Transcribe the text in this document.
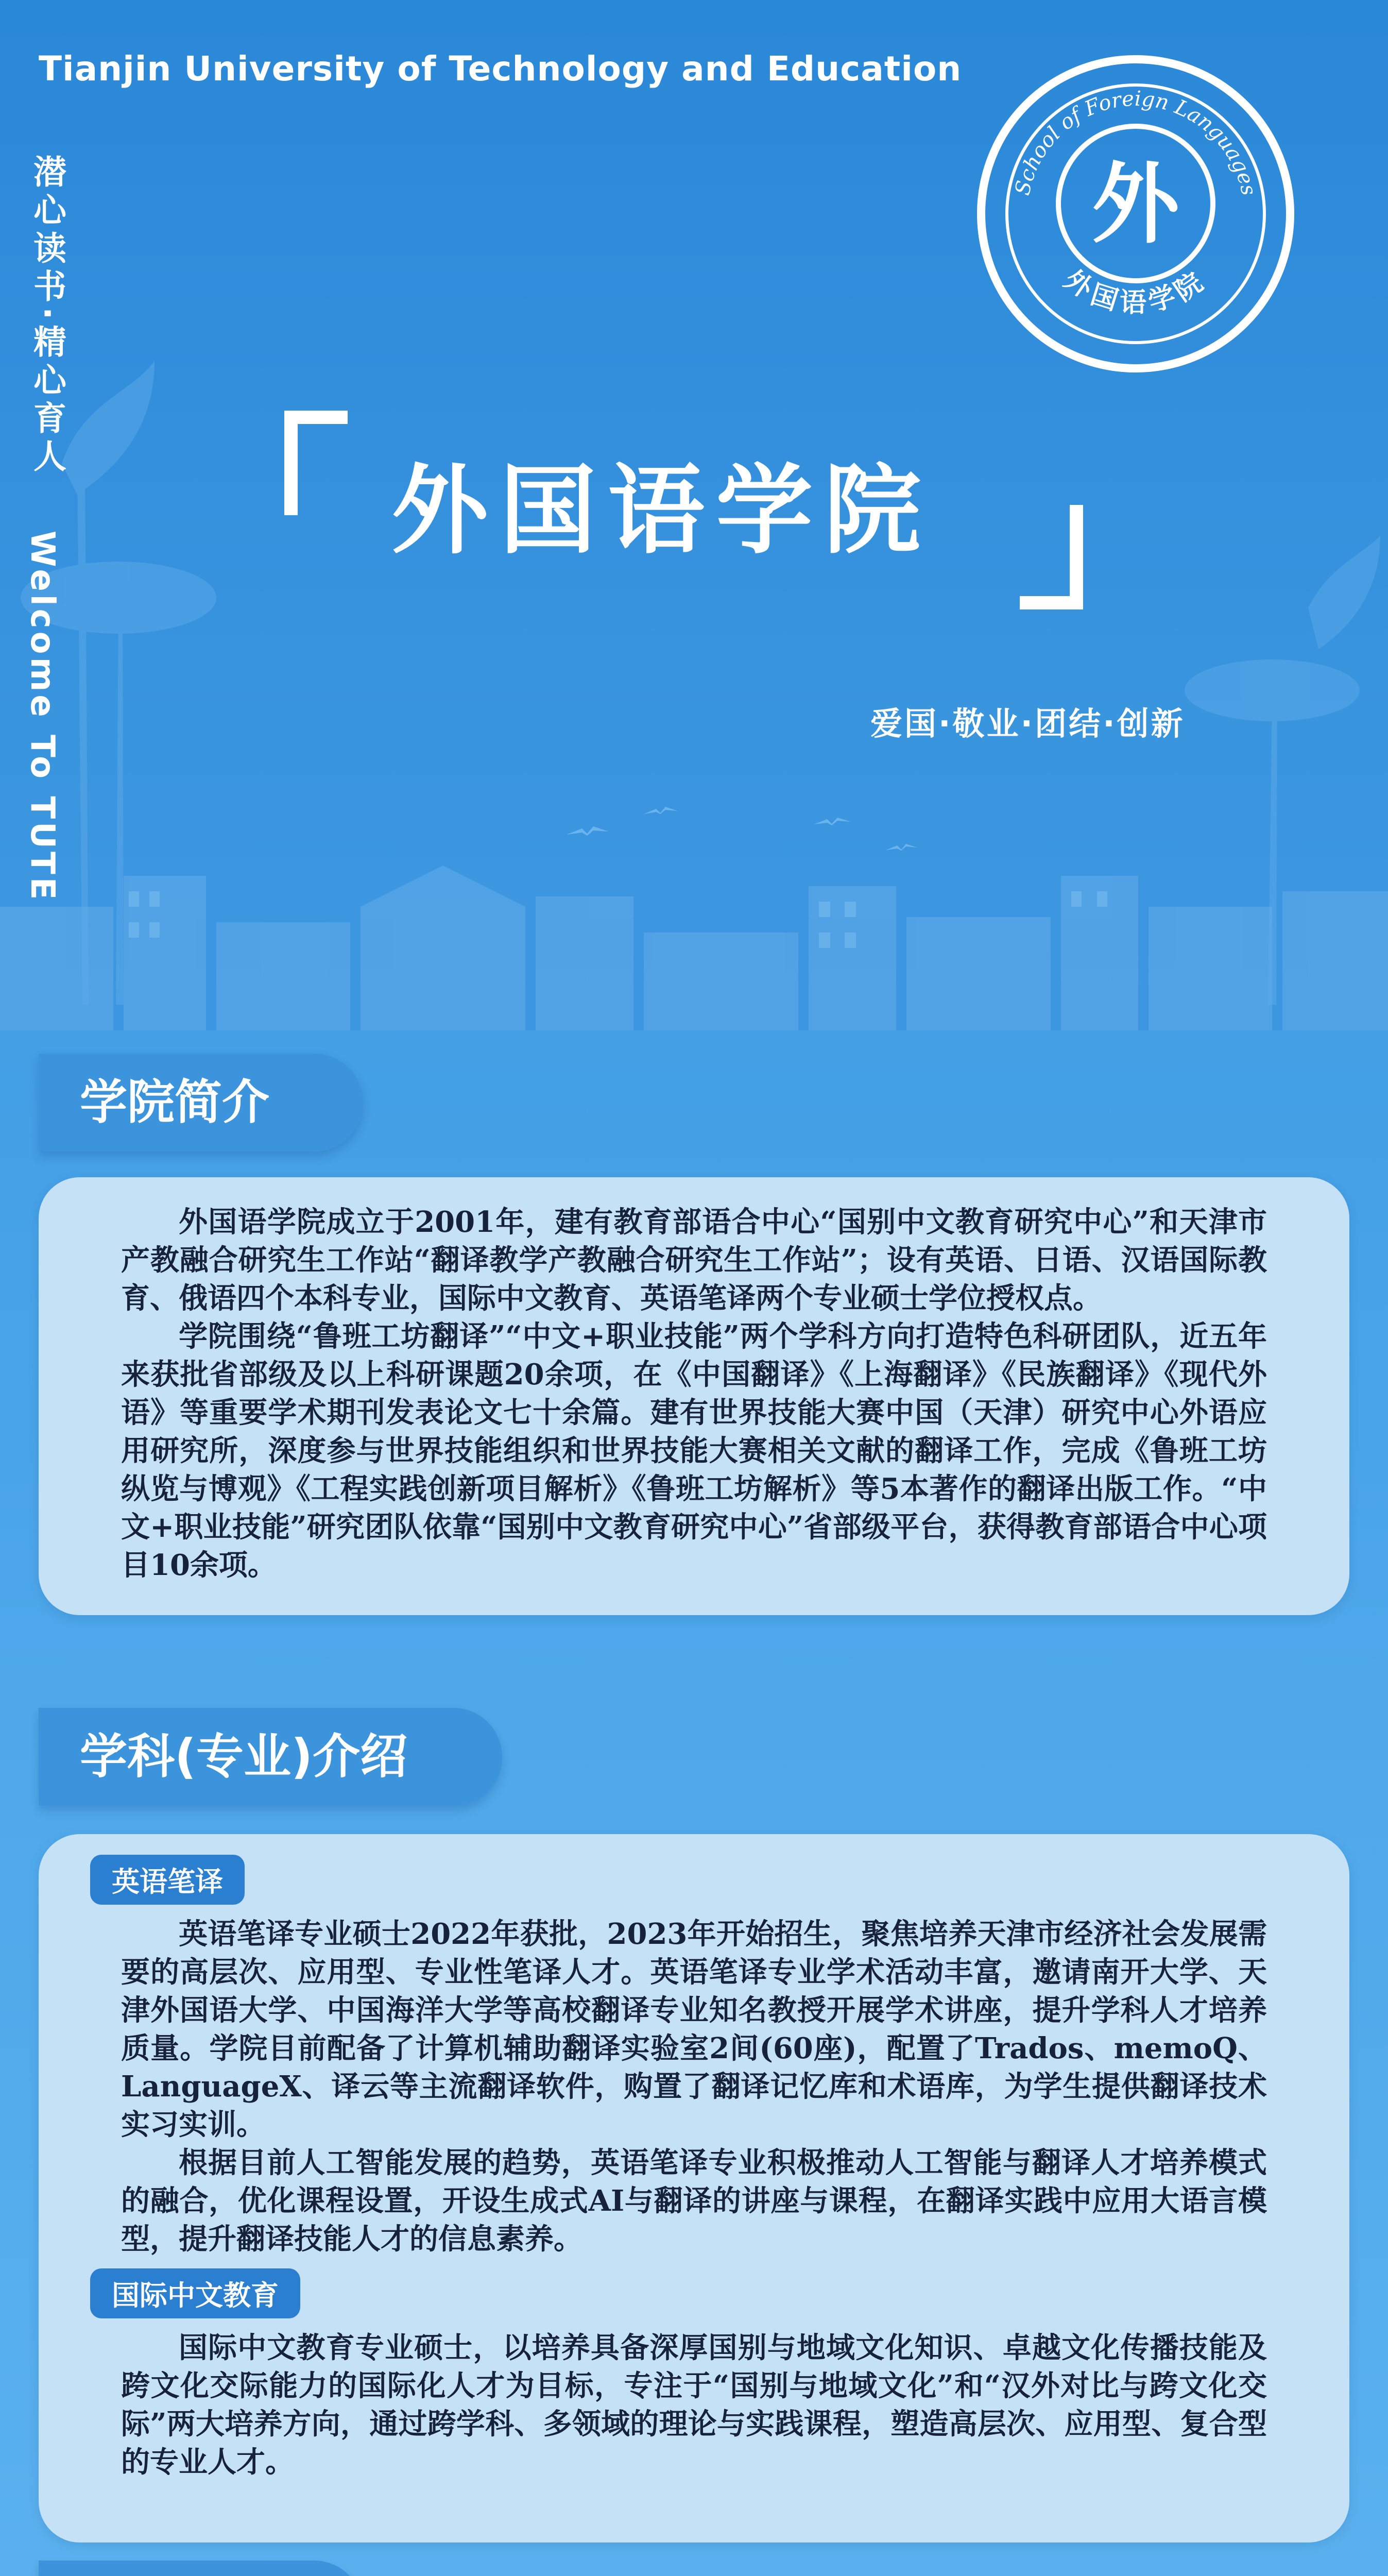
Tianjin University of Technology and Education
潜心读书·精心育人
Welcome To TUTE
外
School of Foreign Languages
外国语学院
外国语学院
爱国·敬业·团结·创新
学院简介

外国语学院成立于2001年，建有教育部语合中心“国别中文教育研究中心”和天津市产教融合研究生工作站“翻译教学产教融合研究生工作站”；设有英语、日语、汉语国际教育、俄语四个本科专业，国际中文教育、英语笔译两个专业硕士学位授权点。

学院围绕“鲁班工坊翻译”“中文+职业技能”两个学科方向打造特色科研团队，近五年来获批省部级及以上科研课题20余项，在《中国翻译》《上海翻译》《民族翻译》《现代外语》等重要学术期刊发表论文七十余篇。建有世界技能大赛中国（天津）研究中心外语应用研究所，深度参与世界技能组织和世界技能大赛相关文献的翻译工作，完成《鲁班工坊纵览与博观》《工程实践创新项目解析》《鲁班工坊解析》等5本著作的翻译出版工作。“中文+职业技能”研究团队依靠“国别中文教育研究中心”省部级平台，获得教育部语合中心项目10余项。

学科(专业)介绍
英语笔译

英语笔译专业硕士2022年获批，2023年开始招生，聚焦培养天津市经济社会发展需要的高层次、应用型、专业性笔译人才。英语笔译专业学术活动丰富，邀请南开大学、天津外国语大学、中国海洋大学等高校翻译专业知名教授开展学术讲座，提升学科人才培养质量。学院目前配备了计算机辅助翻译实验室2间(60座)，配置了Trados、memoQ、LanguageX、译云等主流翻译软件，购置了翻译记忆库和术语库，为学生提供翻译技术实习实训。

根据目前人工智能发展的趋势，英语笔译专业积极推动人工智能与翻译人才培养模式的融合，优化课程设置，开设生成式AI与翻译的讲座与课程，在翻译实践中应用大语言模型，提升翻译技能人才的信息素养。

国际中文教育

国际中文教育专业硕士，以培养具备深厚国别与地域文化知识、卓越文化传播技能及跨文化交际能力的国际化人才为目标，专注于“国别与地域文化”和“汉外对比与跨文化交际”两大培养方向，通过跨学科、多领域的理论与实践课程，塑造高层次、应用型、复合型的专业人才。
